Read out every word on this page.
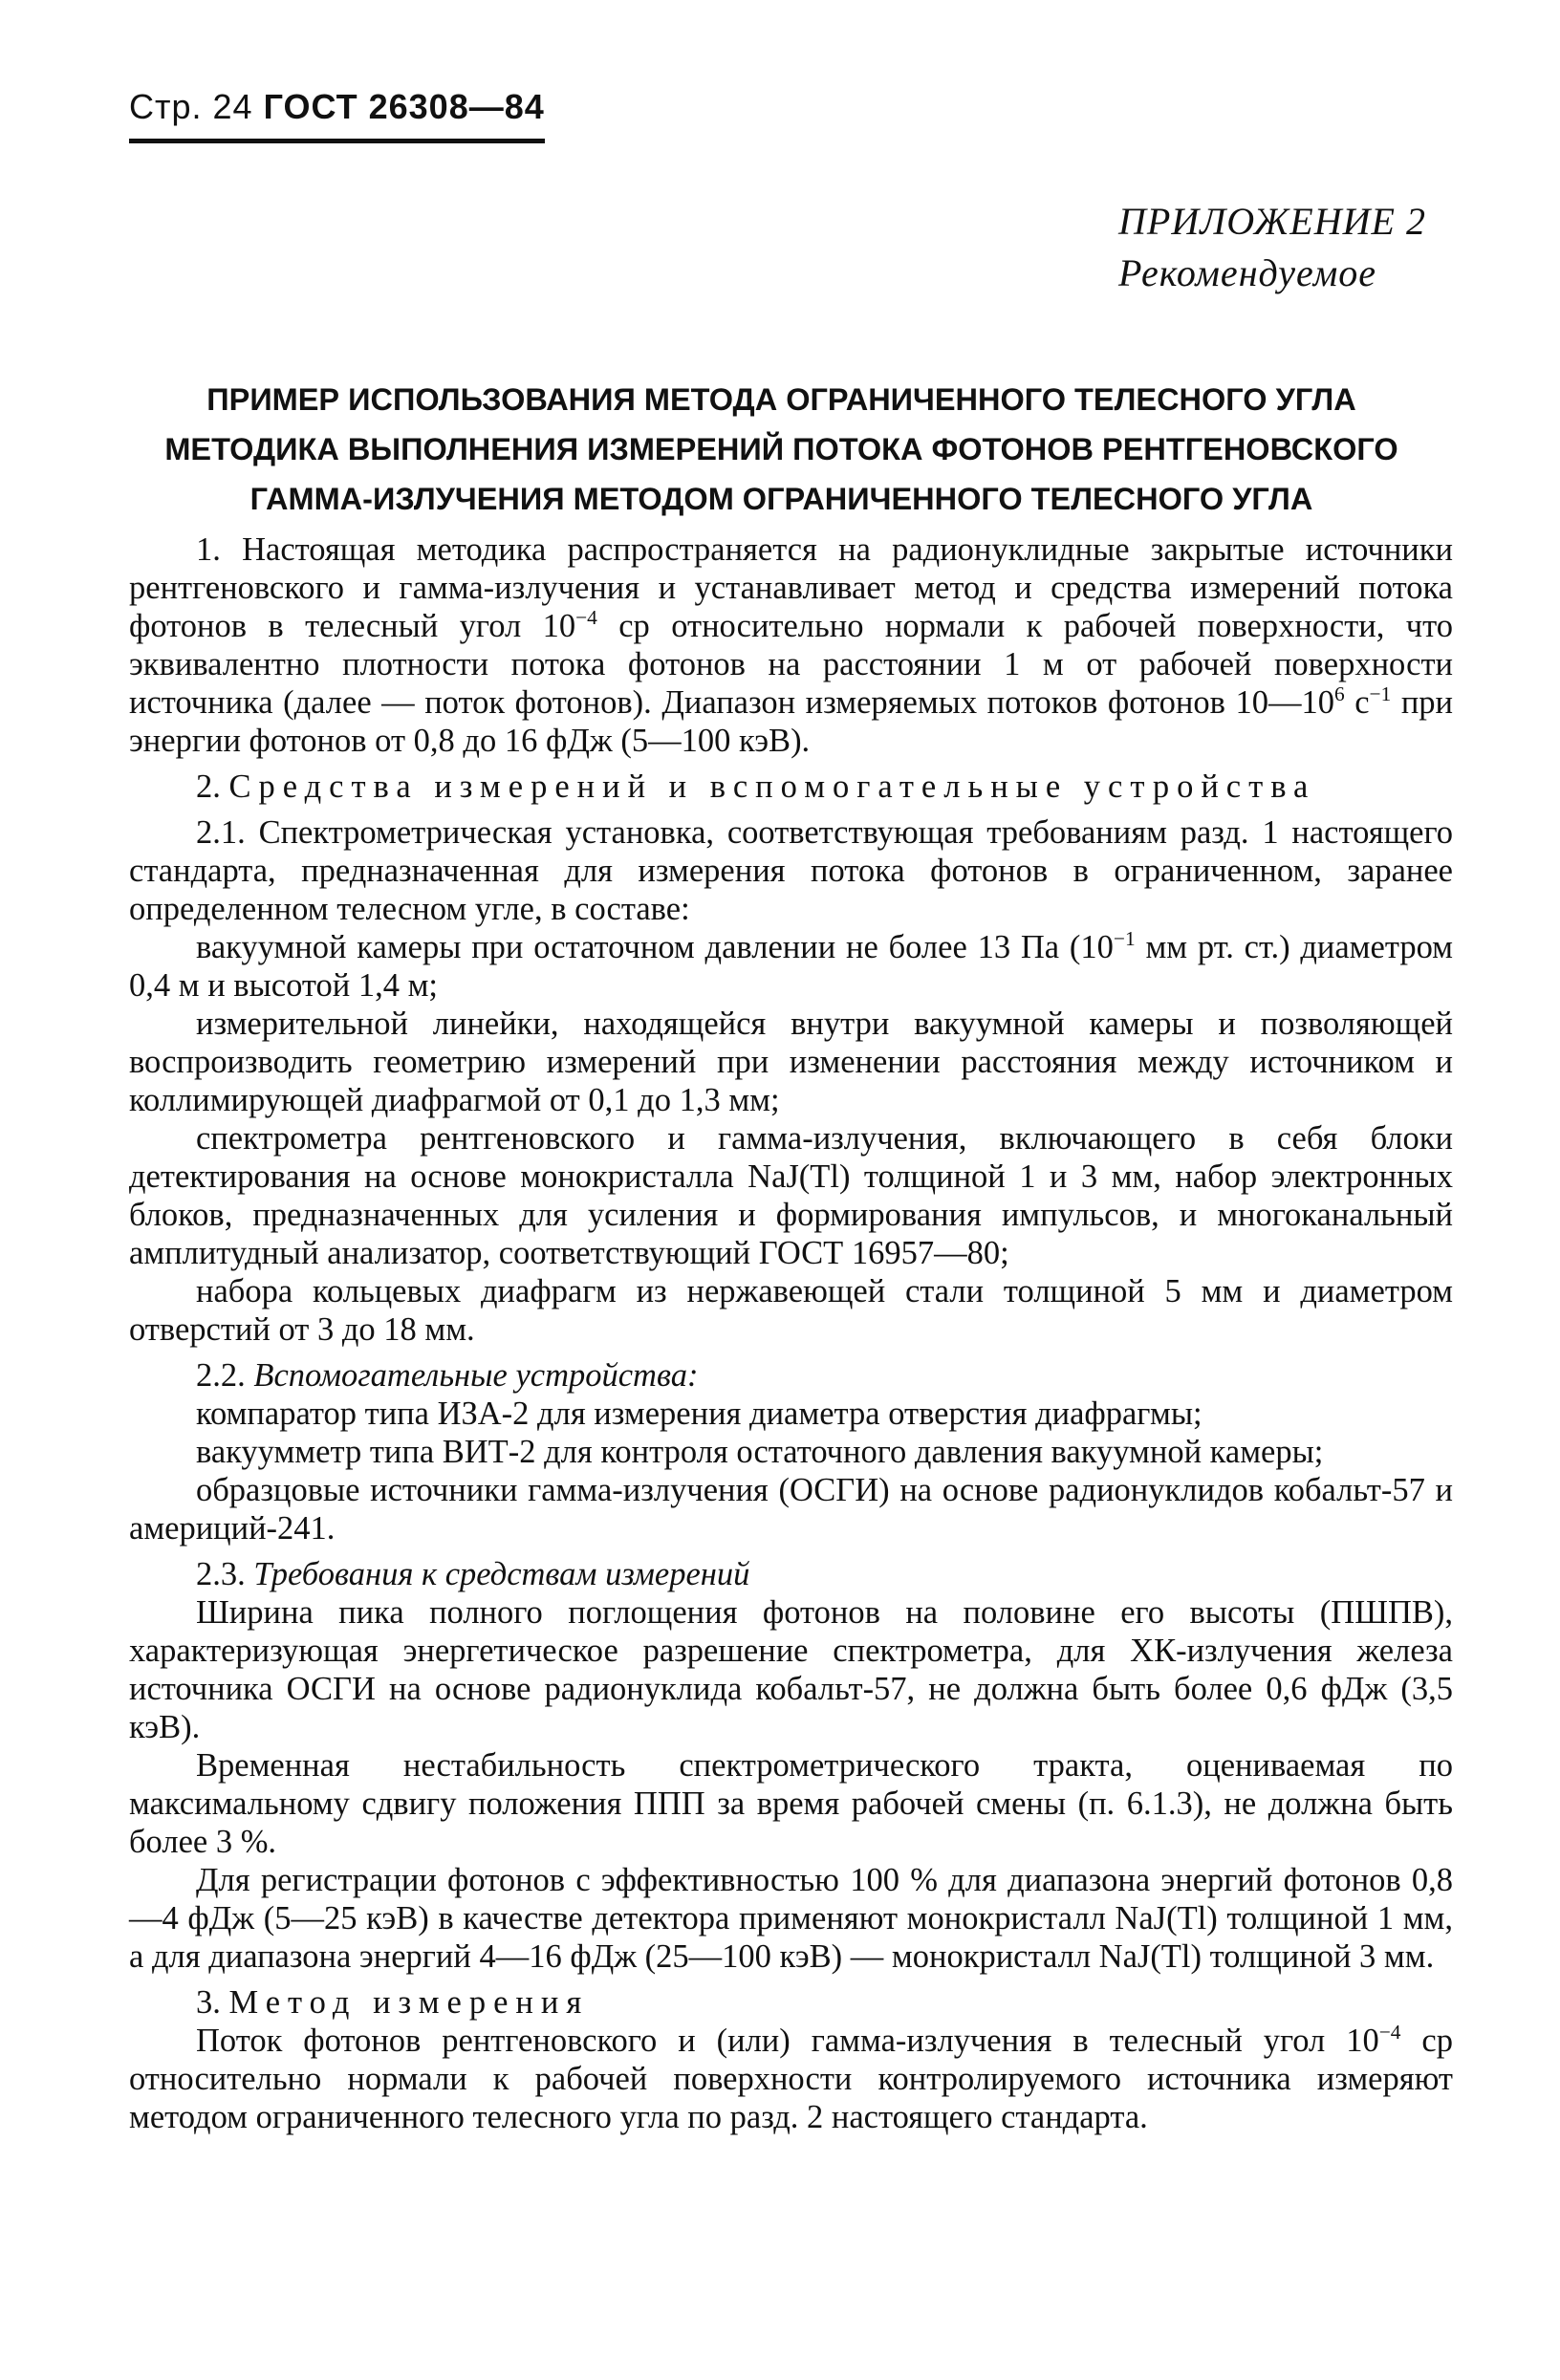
Стр. 24 ГОСТ 26308—84
ПРИЛОЖЕНИЕ 2
Рекомендуемое
ПРИМЕР ИСПОЛЬЗОВАНИЯ МЕТОДА ОГРАНИЧЕННОГО ТЕЛЕСНОГО УГЛА
МЕТОДИКА ВЫПОЛНЕНИЯ ИЗМЕРЕНИЙ ПОТОКА ФОТОНОВ РЕНТГЕНОВСКОГО
ГАММА-ИЗЛУЧЕНИЯ МЕТОДОМ ОГРАНИЧЕННОГО ТЕЛЕСНОГО УГЛА

1. Настоящая методика распространяется на радионуклидные закрытые источники рентгеновского и гамма-излучения и устанавливает метод и средства измерений потока фотонов в телесный угол $10^{-4}$ ср относительно нормали к рабочей поверхности, что эквивалентно плотности потока фотонов на расстоянии 1 м от рабочей поверхности источника (далее — поток фотонов). Диапазон измеряемых потоков фотонов $10—10^6$ $с^{-1}$ при энергии фотонов от 0,8 до 16 фДж (5—100 кэВ).

2. Средства измерений и вспомогательные устройства

2.1. Спектрометрическая установка, соответствующая требованиям разд. 1 настоящего стандарта, предназначенная для измерения потока фотонов в ограниченном, заранее определенном телесном угле, в составе:

вакуумной камеры при остаточном давлении не более 13 Па ($10^{-1}$ мм рт. ст.) диаметром 0,4 м и высотой 1,4 м;

измерительной линейки, находящейся внутри вакуумной камеры и позволяющей воспроизводить геометрию измерений при изменении расстояния между источником и коллимирующей диафрагмой от 0,1 до 1,3 мм;

спектрометра рентгеновского и гамма-излучения, включающего в себя блоки детектирования на основе монокристалла NaJ(Tl) толщиной 1 и 3 мм, набор электронных блоков, предназначенных для усиления и формирования импульсов, и многоканальный амплитудный анализатор, соответствующий ГОСТ 16957—80;

набора кольцевых диафрагм из нержавеющей стали толщиной 5 мм и диаметром отверстий от 3 до 18 мм.

2.2. Вспомогательные устройства:

компаратор типа ИЗА-2 для измерения диаметра отверстия диафрагмы;

вакуумметр типа ВИТ-2 для контроля остаточного давления вакуумной камеры;

образцовые источники гамма-излучения (ОСГИ) на основе радионуклидов кобальт-57 и америций-241.

2.3. Требования к средствам измерений

Ширина пика полного поглощения фотонов на половине его высоты (ПШПВ), характеризующая энергетическое разрешение спектрометра, для ХК-излучения железа источника ОСГИ на основе радионуклида кобальт-57, не должна быть более 0,6 фДж (3,5 кэВ).

Временная нестабильность спектрометрического тракта, оцениваемая по максимальному сдвигу положения ППП за время рабочей смены (п. 6.1.3), не должна быть более 3 %.

Для регистрации фотонов с эффективностью 100 % для диапазона энергий фотонов 0,8—4 фДж (5—25 кэВ) в качестве детектора применяют монокристалл NaJ(Tl) толщиной 1 мм, а для диапазона энергий 4—16 фДж (25—100 кэВ) — монокристалл NaJ(Tl) толщиной 3 мм.

3. Метод измерения

Поток фотонов рентгеновского и (или) гамма-излучения в телесный угол $10^{-4}$ ср относительно нормали к рабочей поверхности контролируемого источника измеряют методом ограниченного телесного угла по разд. 2 настоящего стандарта.
